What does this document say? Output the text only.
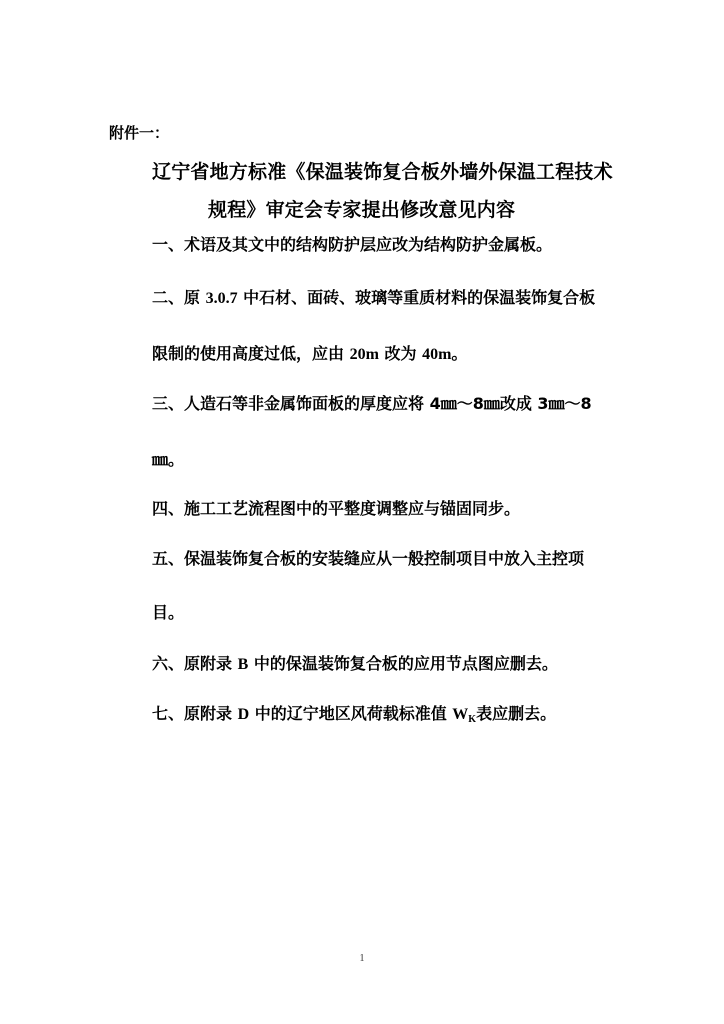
附件一：
辽宁省地方标准《保温装饰复合板外墙外保温工程技术
规程》审定会专家提出修改意见内容
一、术语及其文中的结构防护层应改为结构防护金属板。
二、原 3.0.7 中石材、面砖、玻璃等重质材料的保温装饰复合板
限制的使用高度过低，应由 20m 改为 40m。
三、人造石等非金属饰面板的厚度应将 4㎜～8㎜改成 3㎜～8
㎜。
四、施工工艺流程图中的平整度调整应与锚固同步。
五、保温装饰复合板的安装缝应从一般控制项目中放入主控项
目。
六、原附录 B 中的保温装饰复合板的应用节点图应删去。
七、原附录 D 中的辽宁地区风荷载标准值 WK表应删去。
1
